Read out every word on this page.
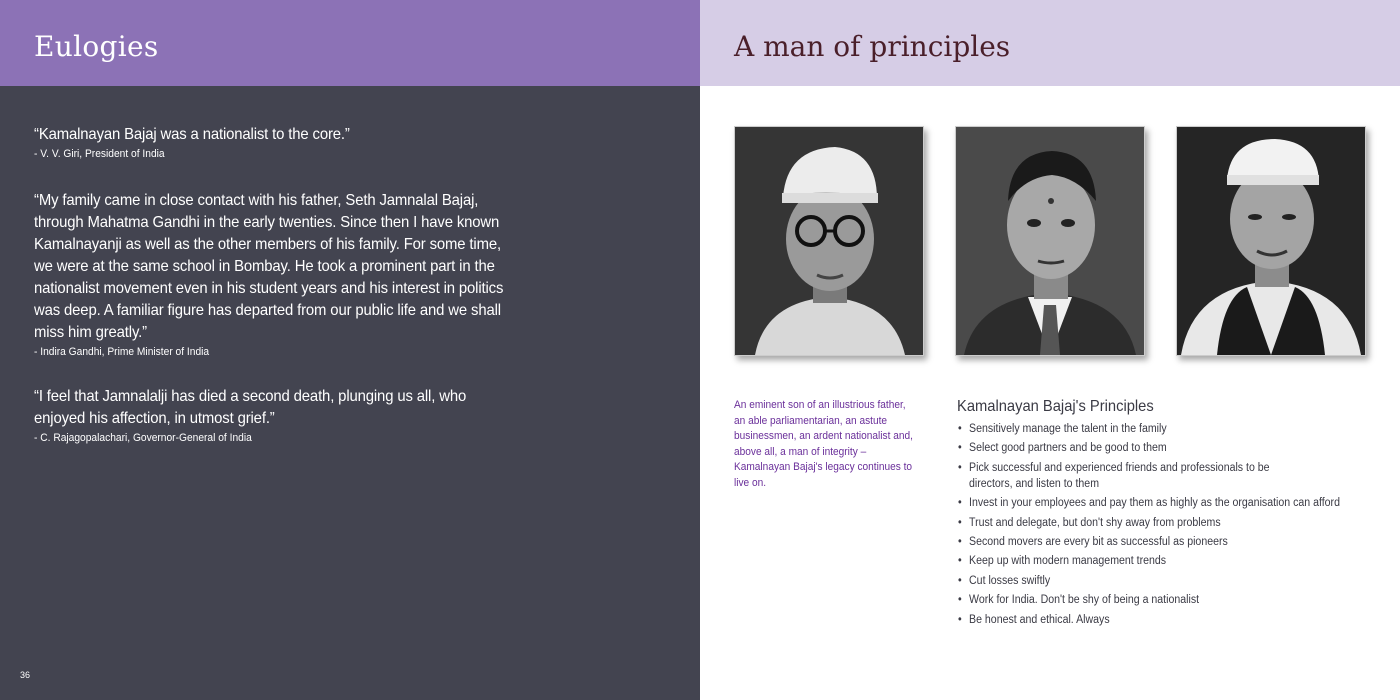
Eulogies
“Kamalnayan Bajaj was a nationalist to the core.”
- V. V. Giri, President of India
“My family came in close contact with his father, Seth Jamnalal Bajaj, through Mahatma Gandhi in the early twenties. Since then I have known Kamalnayanji as well as the other members of his family. For some time, we were at the same school in Bombay. He took a prominent part in the nationalist movement even in his student years and his interest in politics was deep. A familiar figure has departed from our public life and we shall miss him greatly.”
- Indira Gandhi, Prime Minister of India
“I feel that Jamnalalji has died a second death, plunging us all, who enjoyed his affection, in utmost grief.”
- C. Rajagopalachari, Governor-General of India
36
A man of principles
An eminent son of an illustrious father, an able parliamentarian, an astute businessmen, an ardent nationalist and, above all, a man of integrity – Kamalnayan Bajaj's legacy continues to live on.
Kamalnayan Bajaj's Principles
• Sensitively manage the talent in the family
• Select good partners and be good to them
• Pick successful and experienced friends and professionals to be directors, and listen to them
• Invest in your employees and pay them as highly as the organisation can afford
• Trust and delegate, but don't shy away from problems
• Second movers are every bit as successful as pioneers
• Keep up with modern management trends
• Cut losses swiftly
• Work for India. Don't be shy of being a nationalist
• Be honest and ethical. Always
